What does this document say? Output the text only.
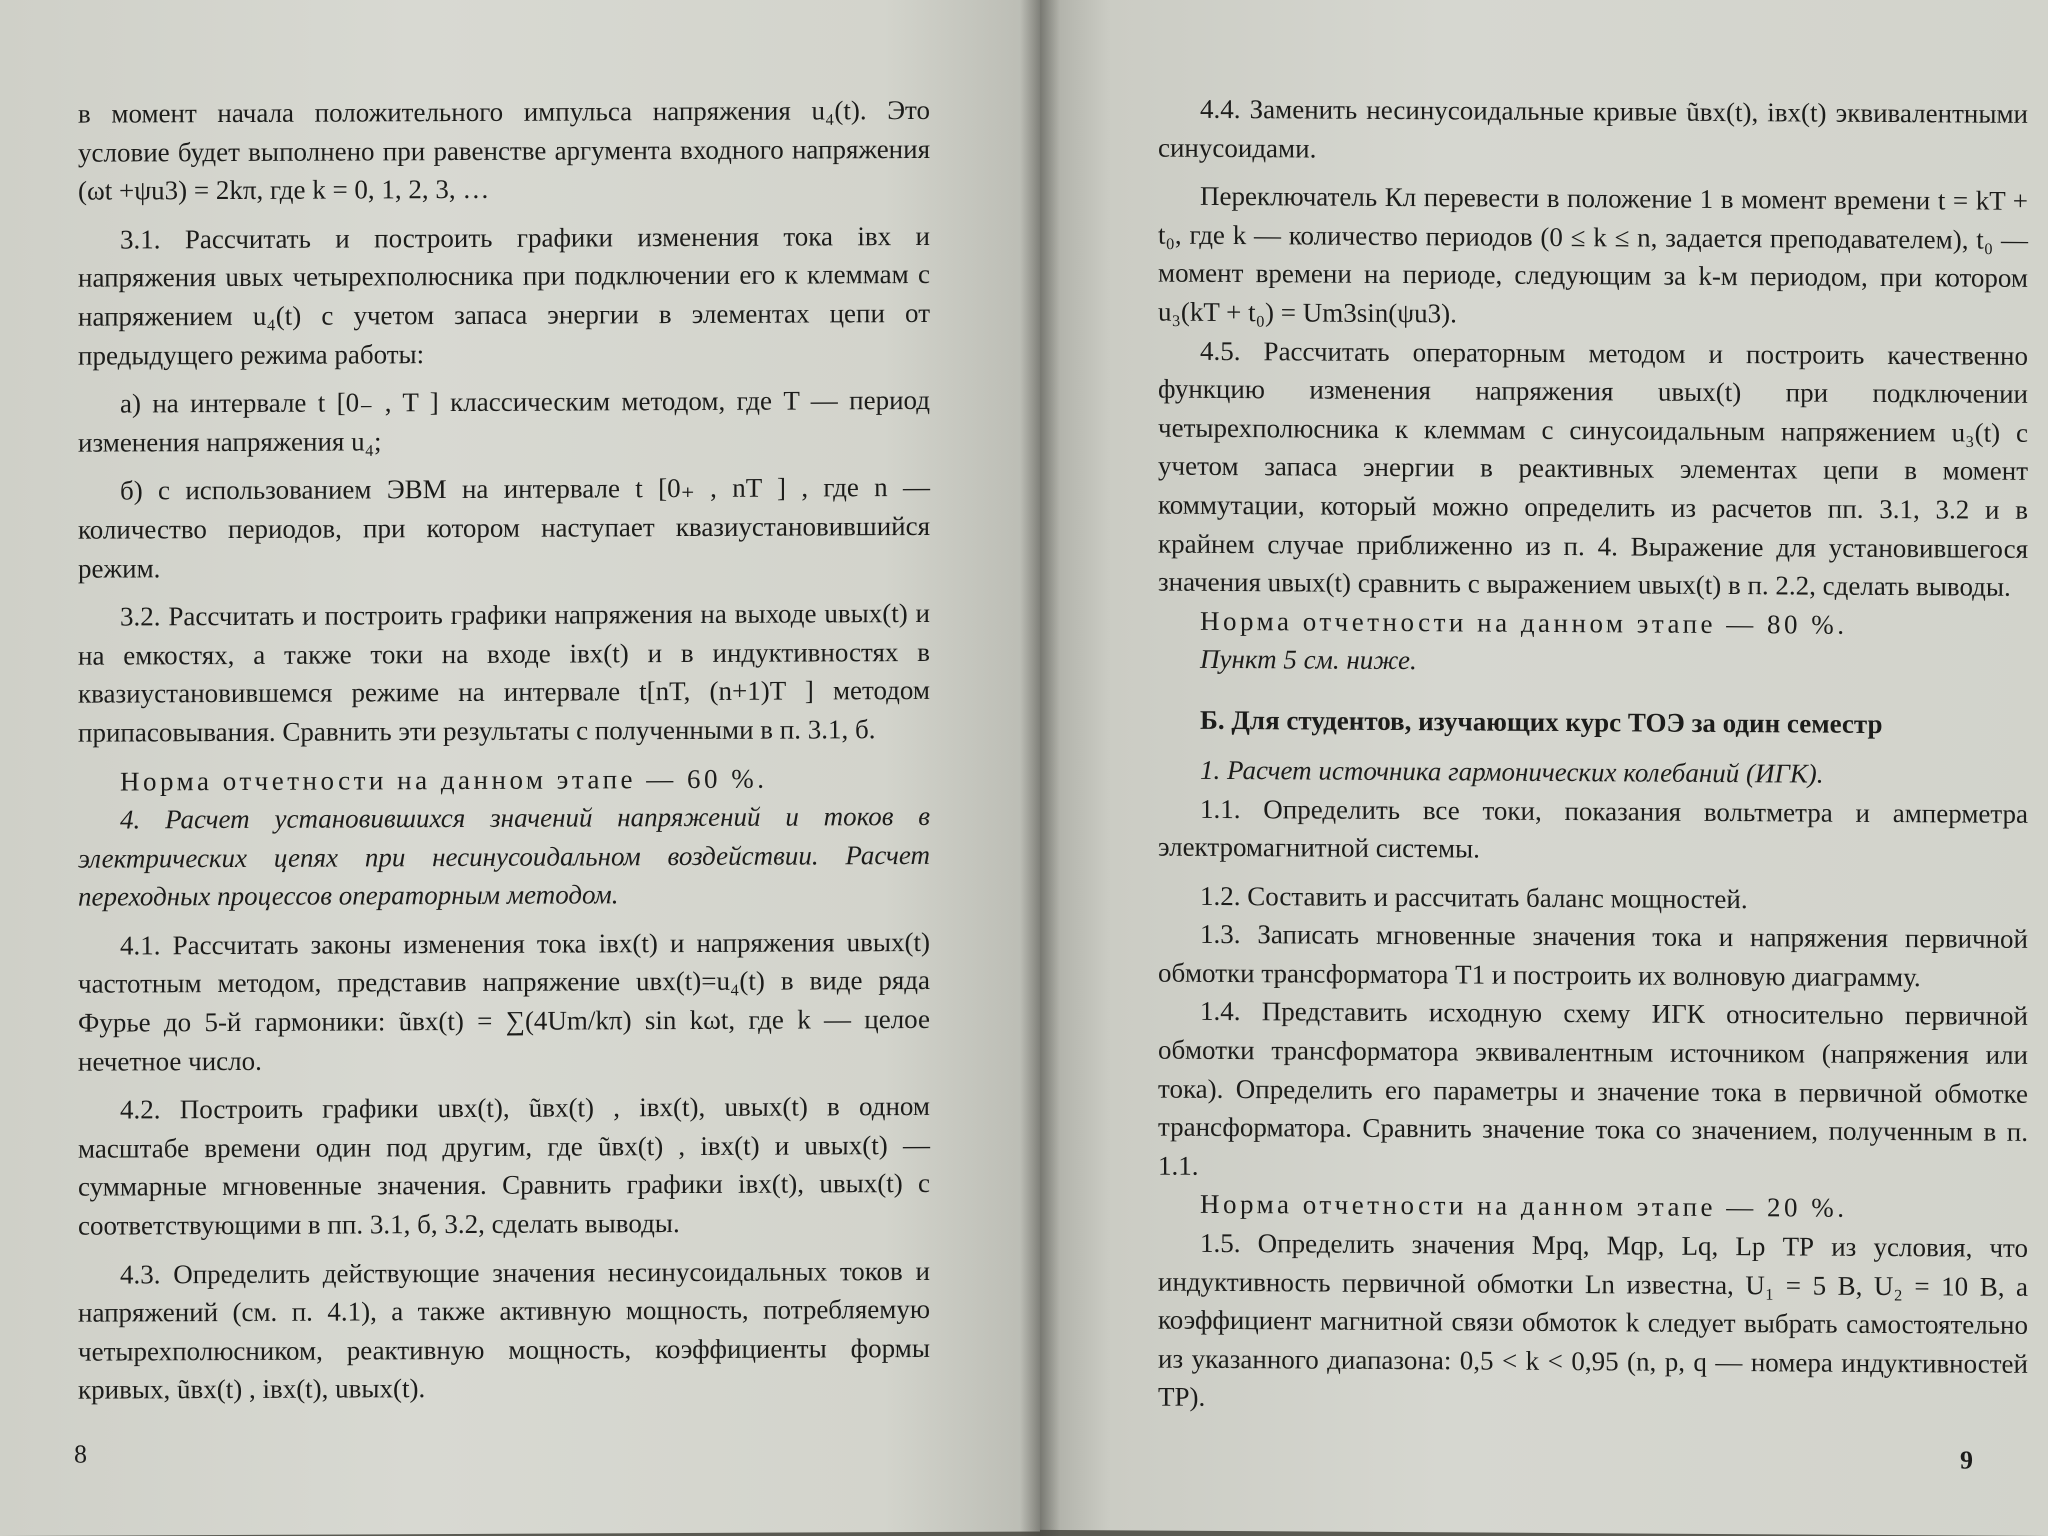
в момент начала положительного импульса напряжения u₄(t). Это условие будет выполнено при равенстве аргумента входного напряжения (ωt +ψu3) = 2kπ, где k = 0, 1, 2, 3, …

3.1. Рассчитать и построить графики изменения тока iвх и напряжения uвых четырехполюсника при подключении его к клеммам с напряжением u₄(t) с учетом запаса энергии в элементах цепи от предыдущего режима работы:

а) на интервале t [0₋ , T ] классическим методом, где T — период изменения напряжения u₄;

б) с использованием ЭВМ на интервале t [0₊ , nT ] , где n — количество периодов, при котором наступает квазиустановившийся режим.

3.2. Рассчитать и построить графики напряжения на выходе uвых(t) и на емкостях, а также токи на входе iвх(t) и в индуктивностях в квазиустановившемся режиме на интервале t[nT, (n+1)T ] методом припасовывания. Сравнить эти результаты с полученными в п. 3.1, б.

Норма отчетности на данном этапе — 60 %.

4. Расчет установившихся значений напряжений и токов в электрических цепях при несинусоидальном воздействии. Расчет переходных процессов операторным методом.

4.1. Рассчитать законы изменения тока iвх(t) и напряжения uвых(t) частотным методом, представив напряжение uвх(t)=u₄(t) в виде ряда Фурье до 5-й гармоники: ũвх(t) = ∑(4Um/kπ) sin kωt, где k — целое нечетное число.

4.2. Построить графики uвх(t), ũвх(t) , iвх(t), uвых(t) в одном масштабе времени один под другим, где ũвх(t) , iвх(t) и uвых(t) — суммарные мгновенные значения. Сравнить графики iвх(t), uвых(t) с соответствующими в пп. 3.1, б, 3.2, сделать выводы.

4.3. Определить действующие значения несинусоидальных токов и напряжений (см. п. 4.1), а также активную мощность, потребляемую четырехполюсником, реактивную мощность, коэффициенты формы кривых, ũвх(t) , iвх(t), uвых(t).

8

4.4. Заменить несинусоидальные кривые ũвх(t), iвх(t) эквивалентными синусоидами.

Переключатель Кл перевести в положение 1 в момент времени t = kT + t₀, где k — количество периодов (0 ≤ k ≤ n, задается преподавателем), t₀ — момент времени на периоде, следующим за k-м периодом, при котором u₃(kT + t₀) = Um3sin(ψu3).

4.5. Рассчитать операторным методом и построить качественно функцию изменения напряжения uвых(t) при подключении четырехполюсника к клеммам с синусоидальным напряжением u₃(t) с учетом запаса энергии в реактивных элементах цепи в момент коммутации, который можно определить из расчетов пп. 3.1, 3.2 и в крайнем случае приближенно из п. 4. Выражение для установившегося значения uвых(t) сравнить с выражением uвых(t) в п. 2.2, сделать выводы.

Норма отчетности на данном этапе — 80 %.

Пункт 5 см. ниже.

Б. Для студентов, изучающих курс ТОЭ за один семестр

1. Расчет источника гармонических колебаний (ИГК).

1.1. Определить все токи, показания вольтметра и амперметра электромагнитной системы.

1.2. Составить и рассчитать баланс мощностей.

1.3. Записать мгновенные значения тока и напряжения первичной обмотки трансформатора Т1 и построить их волновую диаграмму.

1.4. Представить исходную схему ИГК относительно первичной обмотки трансформатора эквивалентным источником (напряжения или тока). Определить его параметры и значение тока в первичной обмотке трансформатора. Сравнить значение тока со значением, полученным в п. 1.1.

Норма отчетности на данном этапе — 20 %.

1.5. Определить значения Mpq, Mqp, Lq, Lp ТР из условия, что индуктивность первичной обмотки Ln известна, U₁ = 5 В, U₂ = 10 В, а коэффициент магнитной связи обмоток k следует выбрать самостоятельно из указанного диапазона: 0,5 < k < 0,95 (n, p, q — номера индуктивностей ТР).

9
